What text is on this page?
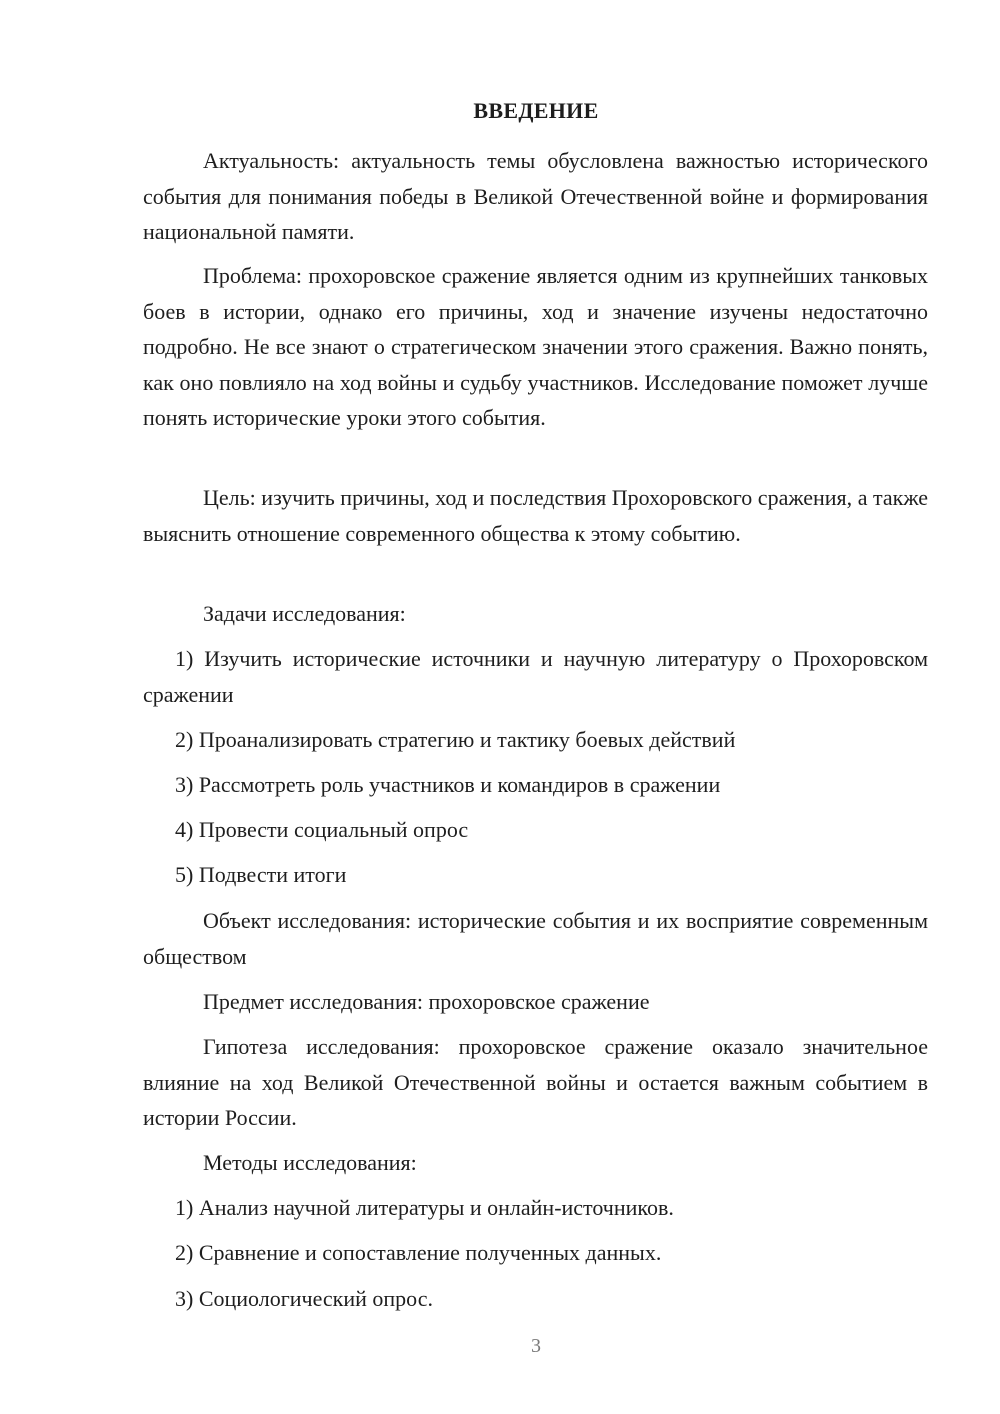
ВВЕДЕНИЕ

Актуальность: актуальность темы обусловлена важностью исторического события для понимания победы в Великой Отечественной войне и формирования национальной памяти.

Проблема: прохоровское сражение является одним из крупнейших танковых боев в истории, однако его причины, ход и значение изучены недостаточно подробно. Не все знают о стратегическом значении этого сражения. Важно понять, как оно повлияло на ход войны и судьбу участников. Исследование поможет лучше понять исторические уроки этого события.

Цель: изучить причины, ход и последствия Прохоровского сражения, а также выяснить отношение современного общества к этому событию.

Задачи исследования:

1) Изучить исторические источники и научную литературу о Прохоровском сражении

2) Проанализировать стратегию и тактику боевых действий

3) Рассмотреть роль участников и командиров в сражении

4) Провести социальный опрос

5) Подвести итоги

Объект исследования: исторические события и их восприятие современным обществом

Предмет исследования: прохоровское сражение

Гипотеза исследования: прохоровское сражение оказало значительное влияние на ход Великой Отечественной войны и остается важным событием в истории России.

Методы исследования:

1) Анализ научной литературы и онлайн-источников.

2) Сравнение и сопоставление полученных данных.

3) Социологический опрос.

3
